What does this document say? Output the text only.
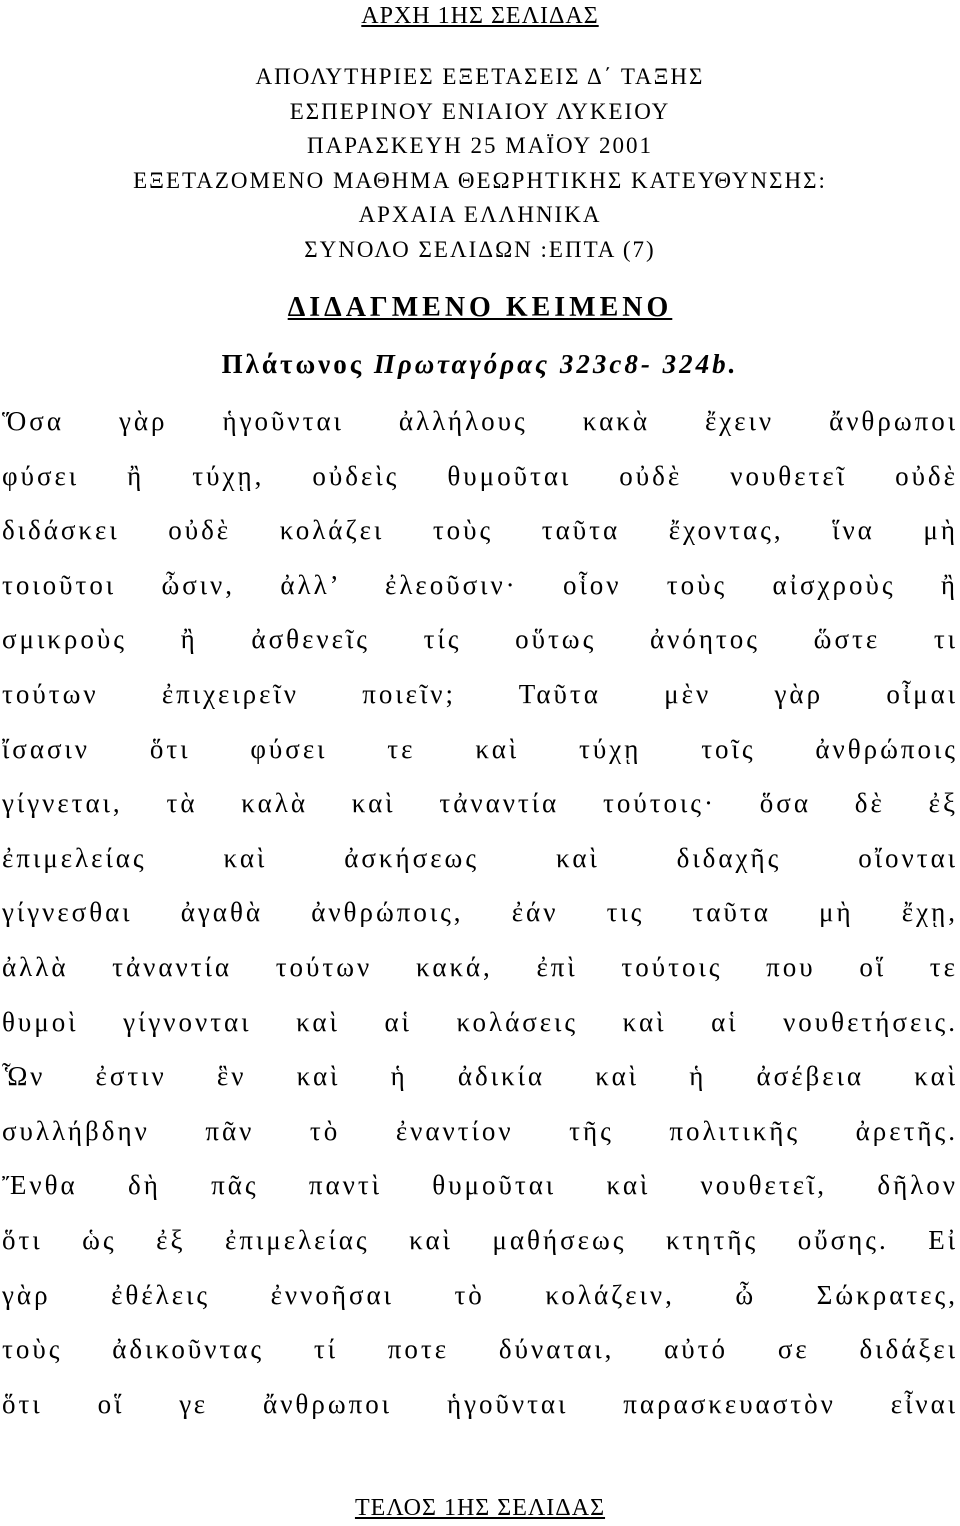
ΑΡΧΗ 1ΗΣ ΣΕΛΙΔΑΣ
ΑΠΟΛΥΤΗΡΙΕΣ ΕΞΕΤΑΣΕΙΣ Δ΄ ΤΑΞΗΣ
ΕΣΠΕΡΙΝΟΥ ΕΝΙΑΙΟΥ ΛΥΚΕΙΟΥ
ΠΑΡΑΣΚΕΥΗ 25 ΜΑΪΟΥ 2001
ΕΞΕΤΑΖΟΜΕΝΟ ΜΑΘΗΜΑ ΘΕΩΡΗΤΙΚΗΣ ΚΑΤΕΥΘΥΝΣΗΣ:
ΑΡΧΑΙΑ ΕΛΛΗΝΙΚΑ
ΣΥΝΟΛΟ ΣΕΛΙΔΩΝ :ΕΠΤΑ (7)
ΔΙΔΑΓΜΕΝΟ ΚΕΙΜΕΝΟ
Πλάτωνος Πρωταγόρας 323c8- 324b.
Ὅσα γὰρ ἡγοῦνται ἀλλήλους κακὰ ἔχειν ἄνθρωποι
φύσει ἢ τύχῃ, οὐδεὶς θυμοῦται οὐδὲ νουθετεῖ οὐδὲ
διδάσκει οὐδὲ κολάζει τοὺς ταῦτα ἔχοντας, ἵνα μὴ
τοιοῦτοι ὦσιν, ἀλλ’ ἐλεοῦσιν· οἷον τοὺς αἰσχροὺς ἢ
σμικροὺς ἢ ἀσθενεῖς τίς οὕτως ἀνόητος ὥστε τι
τούτων ἐπιχειρεῖν ποιεῖν; Ταῦτα μὲν γὰρ οἶμαι
ἴσασιν ὅτι φύσει τε καὶ τύχῃ τοῖς ἀνθρώποις
γίγνεται, τὰ καλὰ καὶ τἀναντία τούτοις· ὅσα δὲ ἐξ
ἐπιμελείας καὶ ἀσκήσεως καὶ διδαχῆς οἴονται
γίγνεσθαι ἀγαθὰ ἀνθρώποις, ἐάν τις ταῦτα μὴ ἔχῃ,
ἀλλὰ τἀναντία τούτων κακά, ἐπὶ τούτοις που οἵ τε
θυμοὶ γίγνονται καὶ αἱ κολάσεις καὶ αἱ νουθετήσεις.
Ὧν ἐστιν ἓν καὶ ἡ ἀδικία καὶ ἡ ἀσέβεια καὶ
συλλήβδην πᾶν τὸ ἐναντίον τῆς πολιτικῆς ἀρετῆς.
Ἔνθα δὴ πᾶς παντὶ θυμοῦται καὶ νουθετεῖ, δῆλον
ὅτι ὡς ἐξ ἐπιμελείας καὶ μαθήσεως κτητῆς οὔσης. Εἰ
γὰρ ἐθέλεις ἐννοῆσαι τὸ κολάζειν, ὦ Σώκρατες,
τοὺς ἀδικοῦντας τί ποτε δύναται, αὐτό σε διδάξει
ὅτι οἵ γε ἄνθρωποι ἡγοῦνται παρασκευαστὸν εἶναι
ΤΕΛΟΣ 1ΗΣ ΣΕΛΙΔΑΣ
